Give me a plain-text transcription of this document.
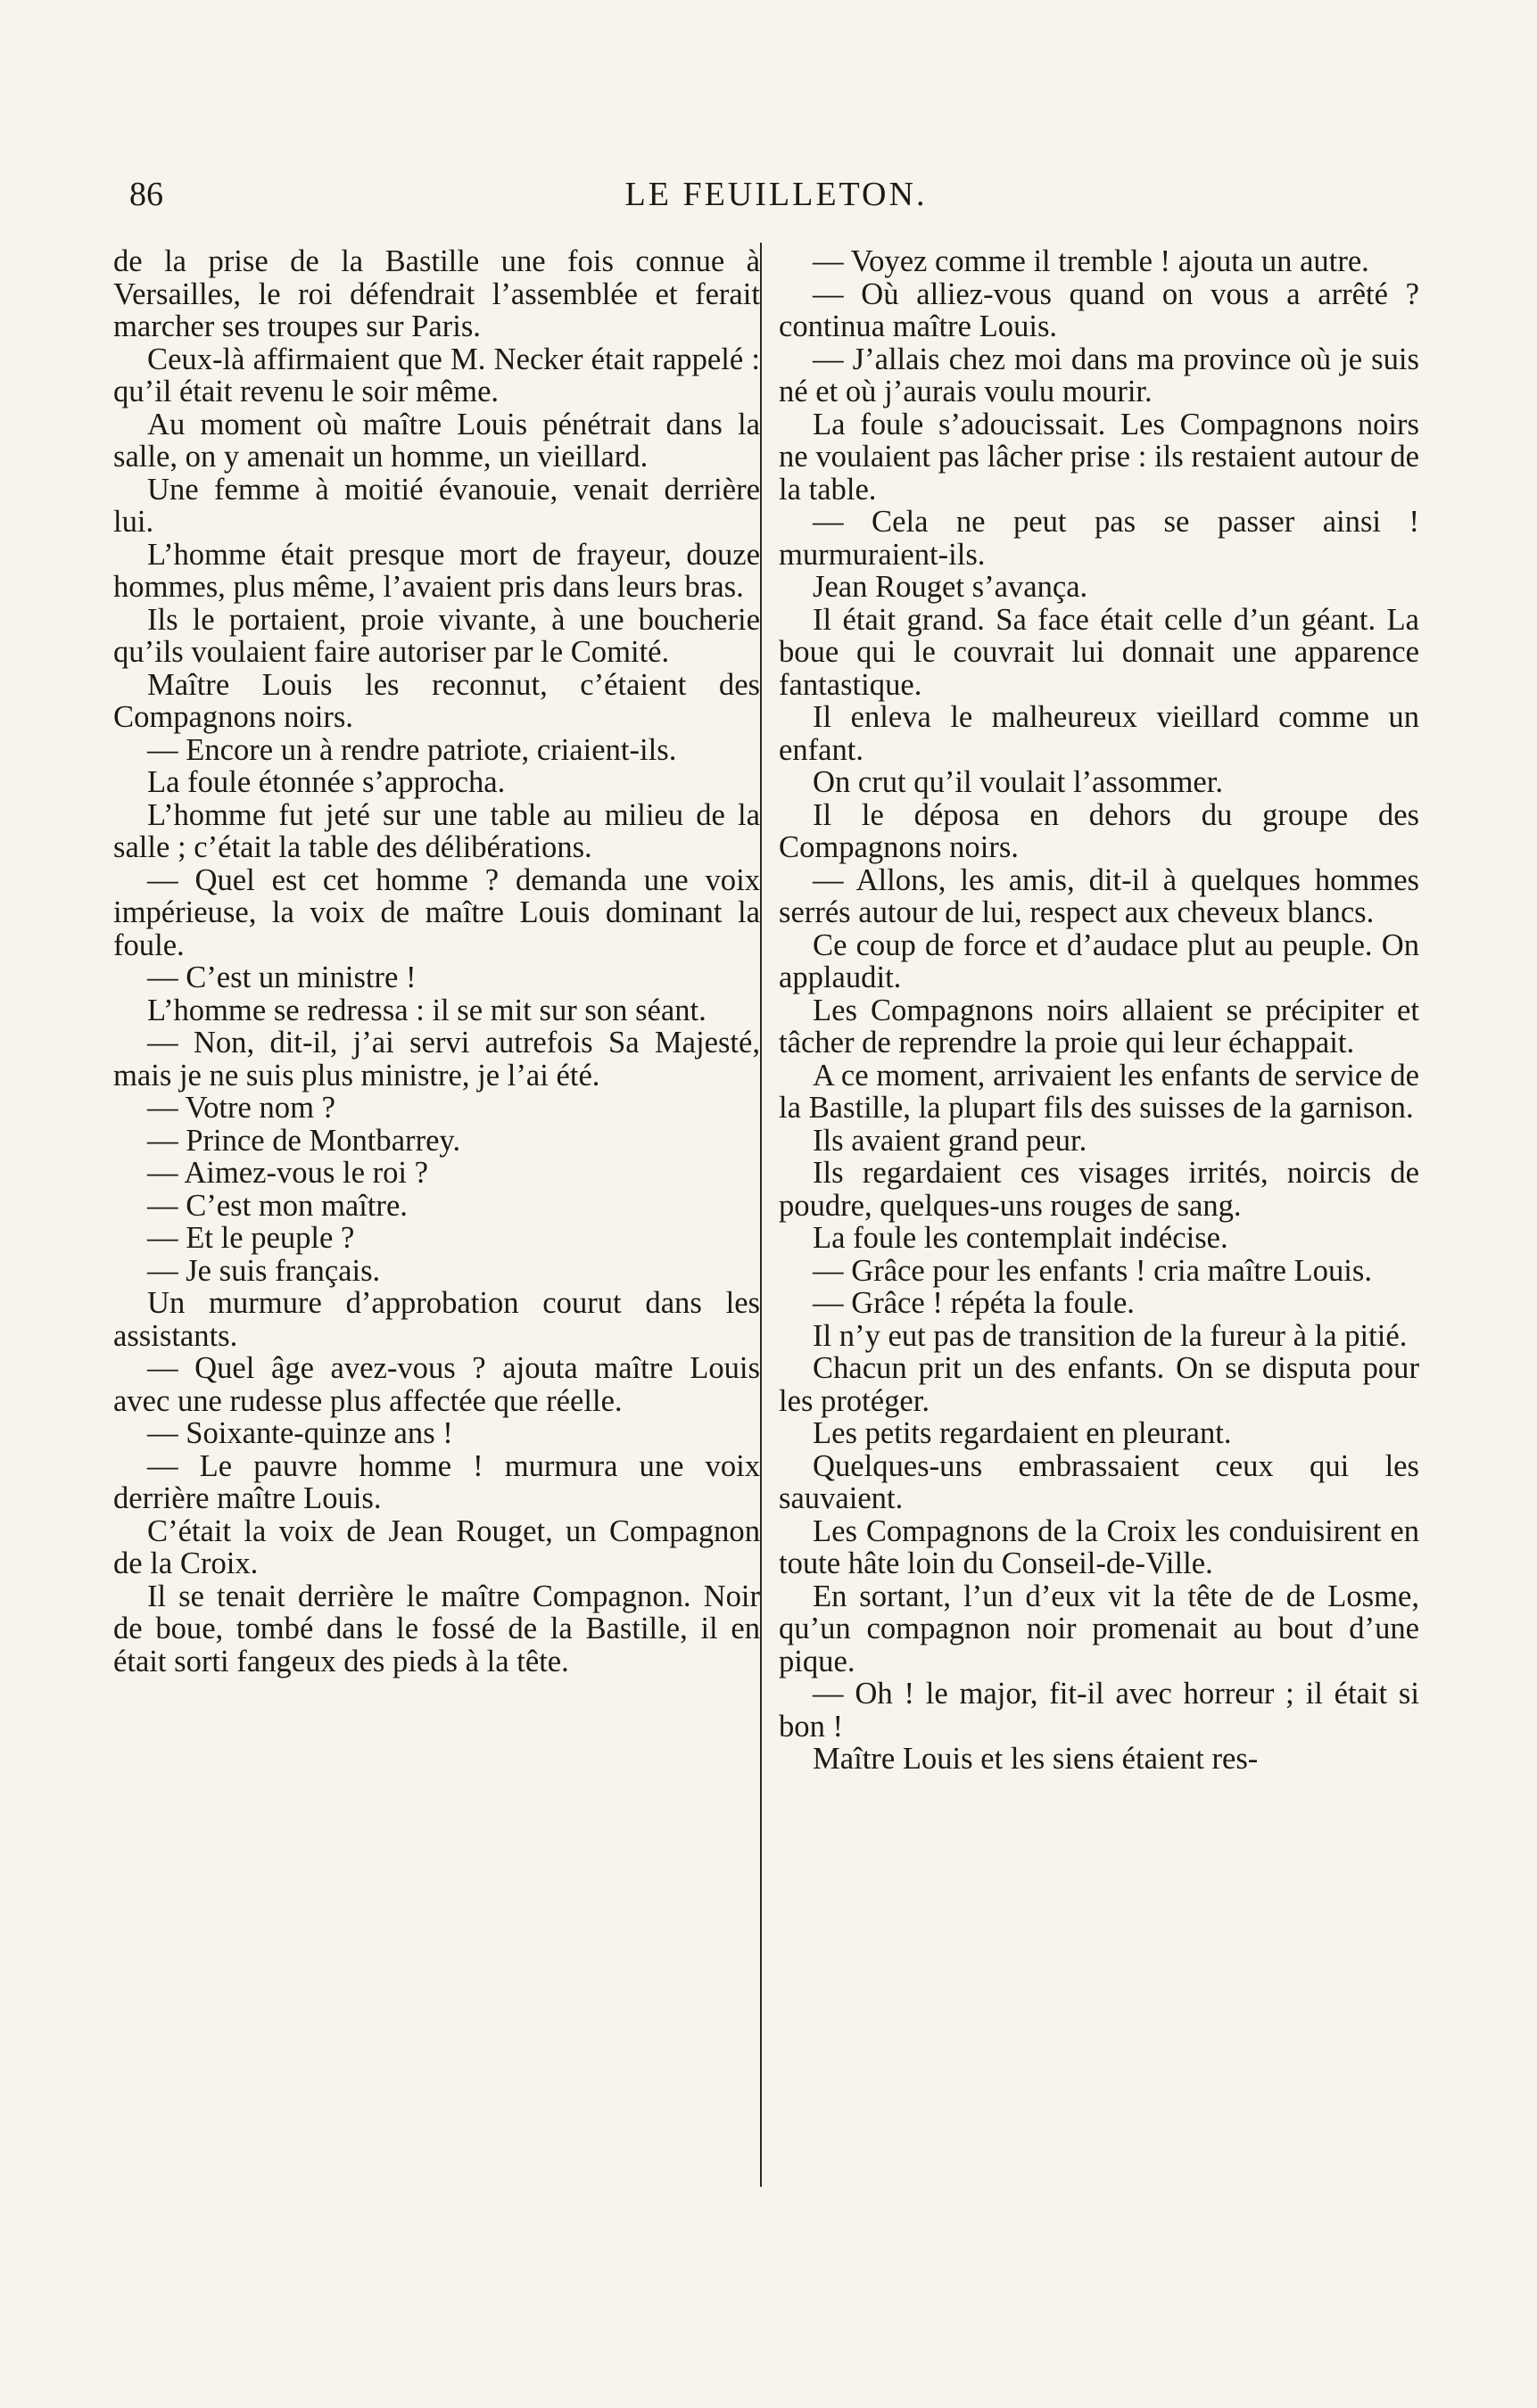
86	LE FEUILLETON.

de la prise de la Bastille une fois connue à Versailles, le roi défendrait l’assemblée et ferait marcher ses troupes sur Paris.

Ceux-là affirmaient que M. Necker était rappelé : qu’il était revenu le soir même.

Au moment où maître Louis pénétrait dans la salle, on y amenait un homme, un vieillard.

Une femme à moitié évanouie, venait derrière lui.

L’homme était presque mort de frayeur, douze hommes, plus même, l’avaient pris dans leurs bras.

Ils le portaient, proie vivante, à une boucherie qu’ils voulaient faire autoriser par le Comité.

Maître Louis les reconnut, c’étaient des Compagnons noirs.

— Encore un à rendre patriote, criaient-ils.

La foule étonnée s’approcha.

L’homme fut jeté sur une table au milieu de la salle ; c’était la table des délibérations.

— Quel est cet homme ? demanda une voix impérieuse, la voix de maître Louis dominant la foule.

— C’est un ministre !

L’homme se redressa : il se mit sur son séant.

— Non, dit-il, j’ai servi autrefois Sa Majesté, mais je ne suis plus ministre, je l’ai été.

— Votre nom ?

— Prince de Montbarrey.

— Aimez-vous le roi ?

— C’est mon maître.

— Et le peuple ?

— Je suis français.

Un murmure d’approbation courut dans les assistants.

— Quel âge avez-vous ? ajouta maître Louis avec une rudesse plus affectée que réelle.

— Soixante-quinze ans !

— Le pauvre homme ! murmura une voix derrière maître Louis.

C’était la voix de Jean Rouget, un Compagnon de la Croix.

Il se tenait derrière le maître Compagnon. Noir de boue, tombé dans le fossé de la Bastille, il en était sorti fangeux des pieds à la tête.

— Voyez comme il tremble ! ajouta un autre.

— Où alliez-vous quand on vous a arrêté ? continua maître Louis.

— J’allais chez moi dans ma province où je suis né et où j’aurais voulu mourir.

La foule s’adoucissait. Les Compagnons noirs ne voulaient pas lâcher prise : ils restaient autour de la table.

— Cela ne peut pas se passer ainsi ! murmuraient-ils.

Jean Rouget s’avança.

Il était grand. Sa face était celle d’un géant. La boue qui le couvrait lui donnait une apparence fantastique.

Il enleva le malheureux vieillard comme un enfant.

On crut qu’il voulait l’assommer.

Il le déposa en dehors du groupe des Compagnons noirs.

— Allons, les amis, dit-il à quelques hommes serrés autour de lui, respect aux cheveux blancs.

Ce coup de force et d’audace plut au peuple. On applaudit.

Les Compagnons noirs allaient se précipiter et tâcher de reprendre la proie qui leur échappait.

A ce moment, arrivaient les enfants de service de la Bastille, la plupart fils des suisses de la garnison.

Ils avaient grand peur.

Ils regardaient ces visages irrités, noircis de poudre, quelques-uns rouges de sang.

La foule les contemplait indécise.

— Grâce pour les enfants ! cria maître Louis.

— Grâce ! répéta la foule.

Il n’y eut pas de transition de la fureur à la pitié.

Chacun prit un des enfants. On se disputa pour les protéger.

Les petits regardaient en pleurant.

Quelques-uns embrassaient ceux qui les sauvaient.

Les Compagnons de la Croix les conduisirent en toute hâte loin du Conseil-de-Ville.

En sortant, l’un d’eux vit la tête de de Losme, qu’un compagnon noir promenait au bout d’une pique.

— Oh ! le major, fit-il avec horreur ; il était si bon !

Maître Louis et les siens étaient res-
